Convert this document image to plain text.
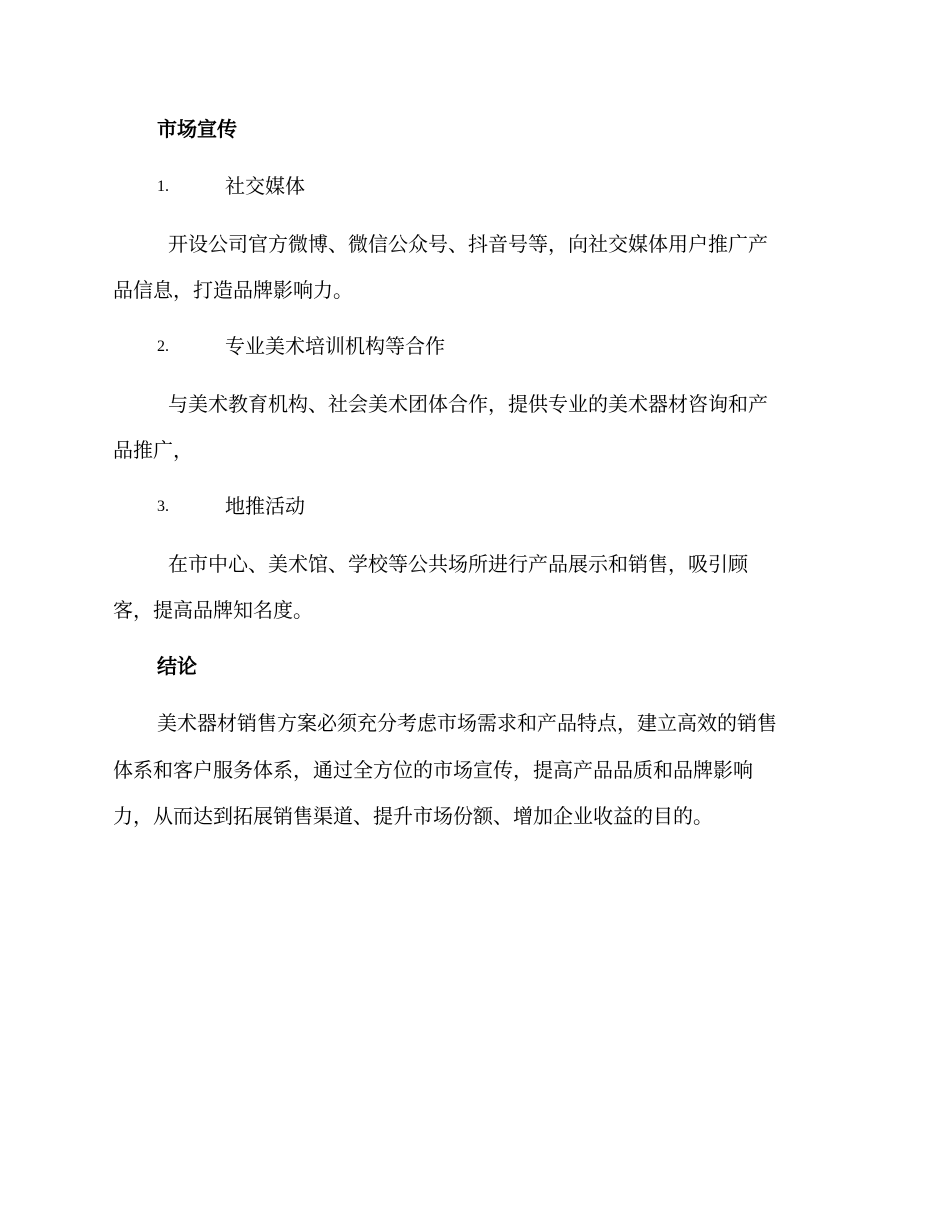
市场宣传
1.	社交媒体
开设公司官方微博、微信公众号、抖音号等，向社交媒体用户推广产
品信息，打造品牌影响力。
2.	专业美术培训机构等合作
与美术教育机构、社会美术团体合作，提供专业的美术器材咨询和产
品推广，
3.	地推活动
在市中心、美术馆、学校等公共场所进行产品展示和销售，吸引顾
客，提高品牌知名度。
结论
美术器材销售方案必须充分考虑市场需求和产品特点，建立高效的销售
体系和客户服务体系，通过全方位的市场宣传，提高产品品质和品牌影响
力，从而达到拓展销售渠道、提升市场份额、增加企业收益的目的。
